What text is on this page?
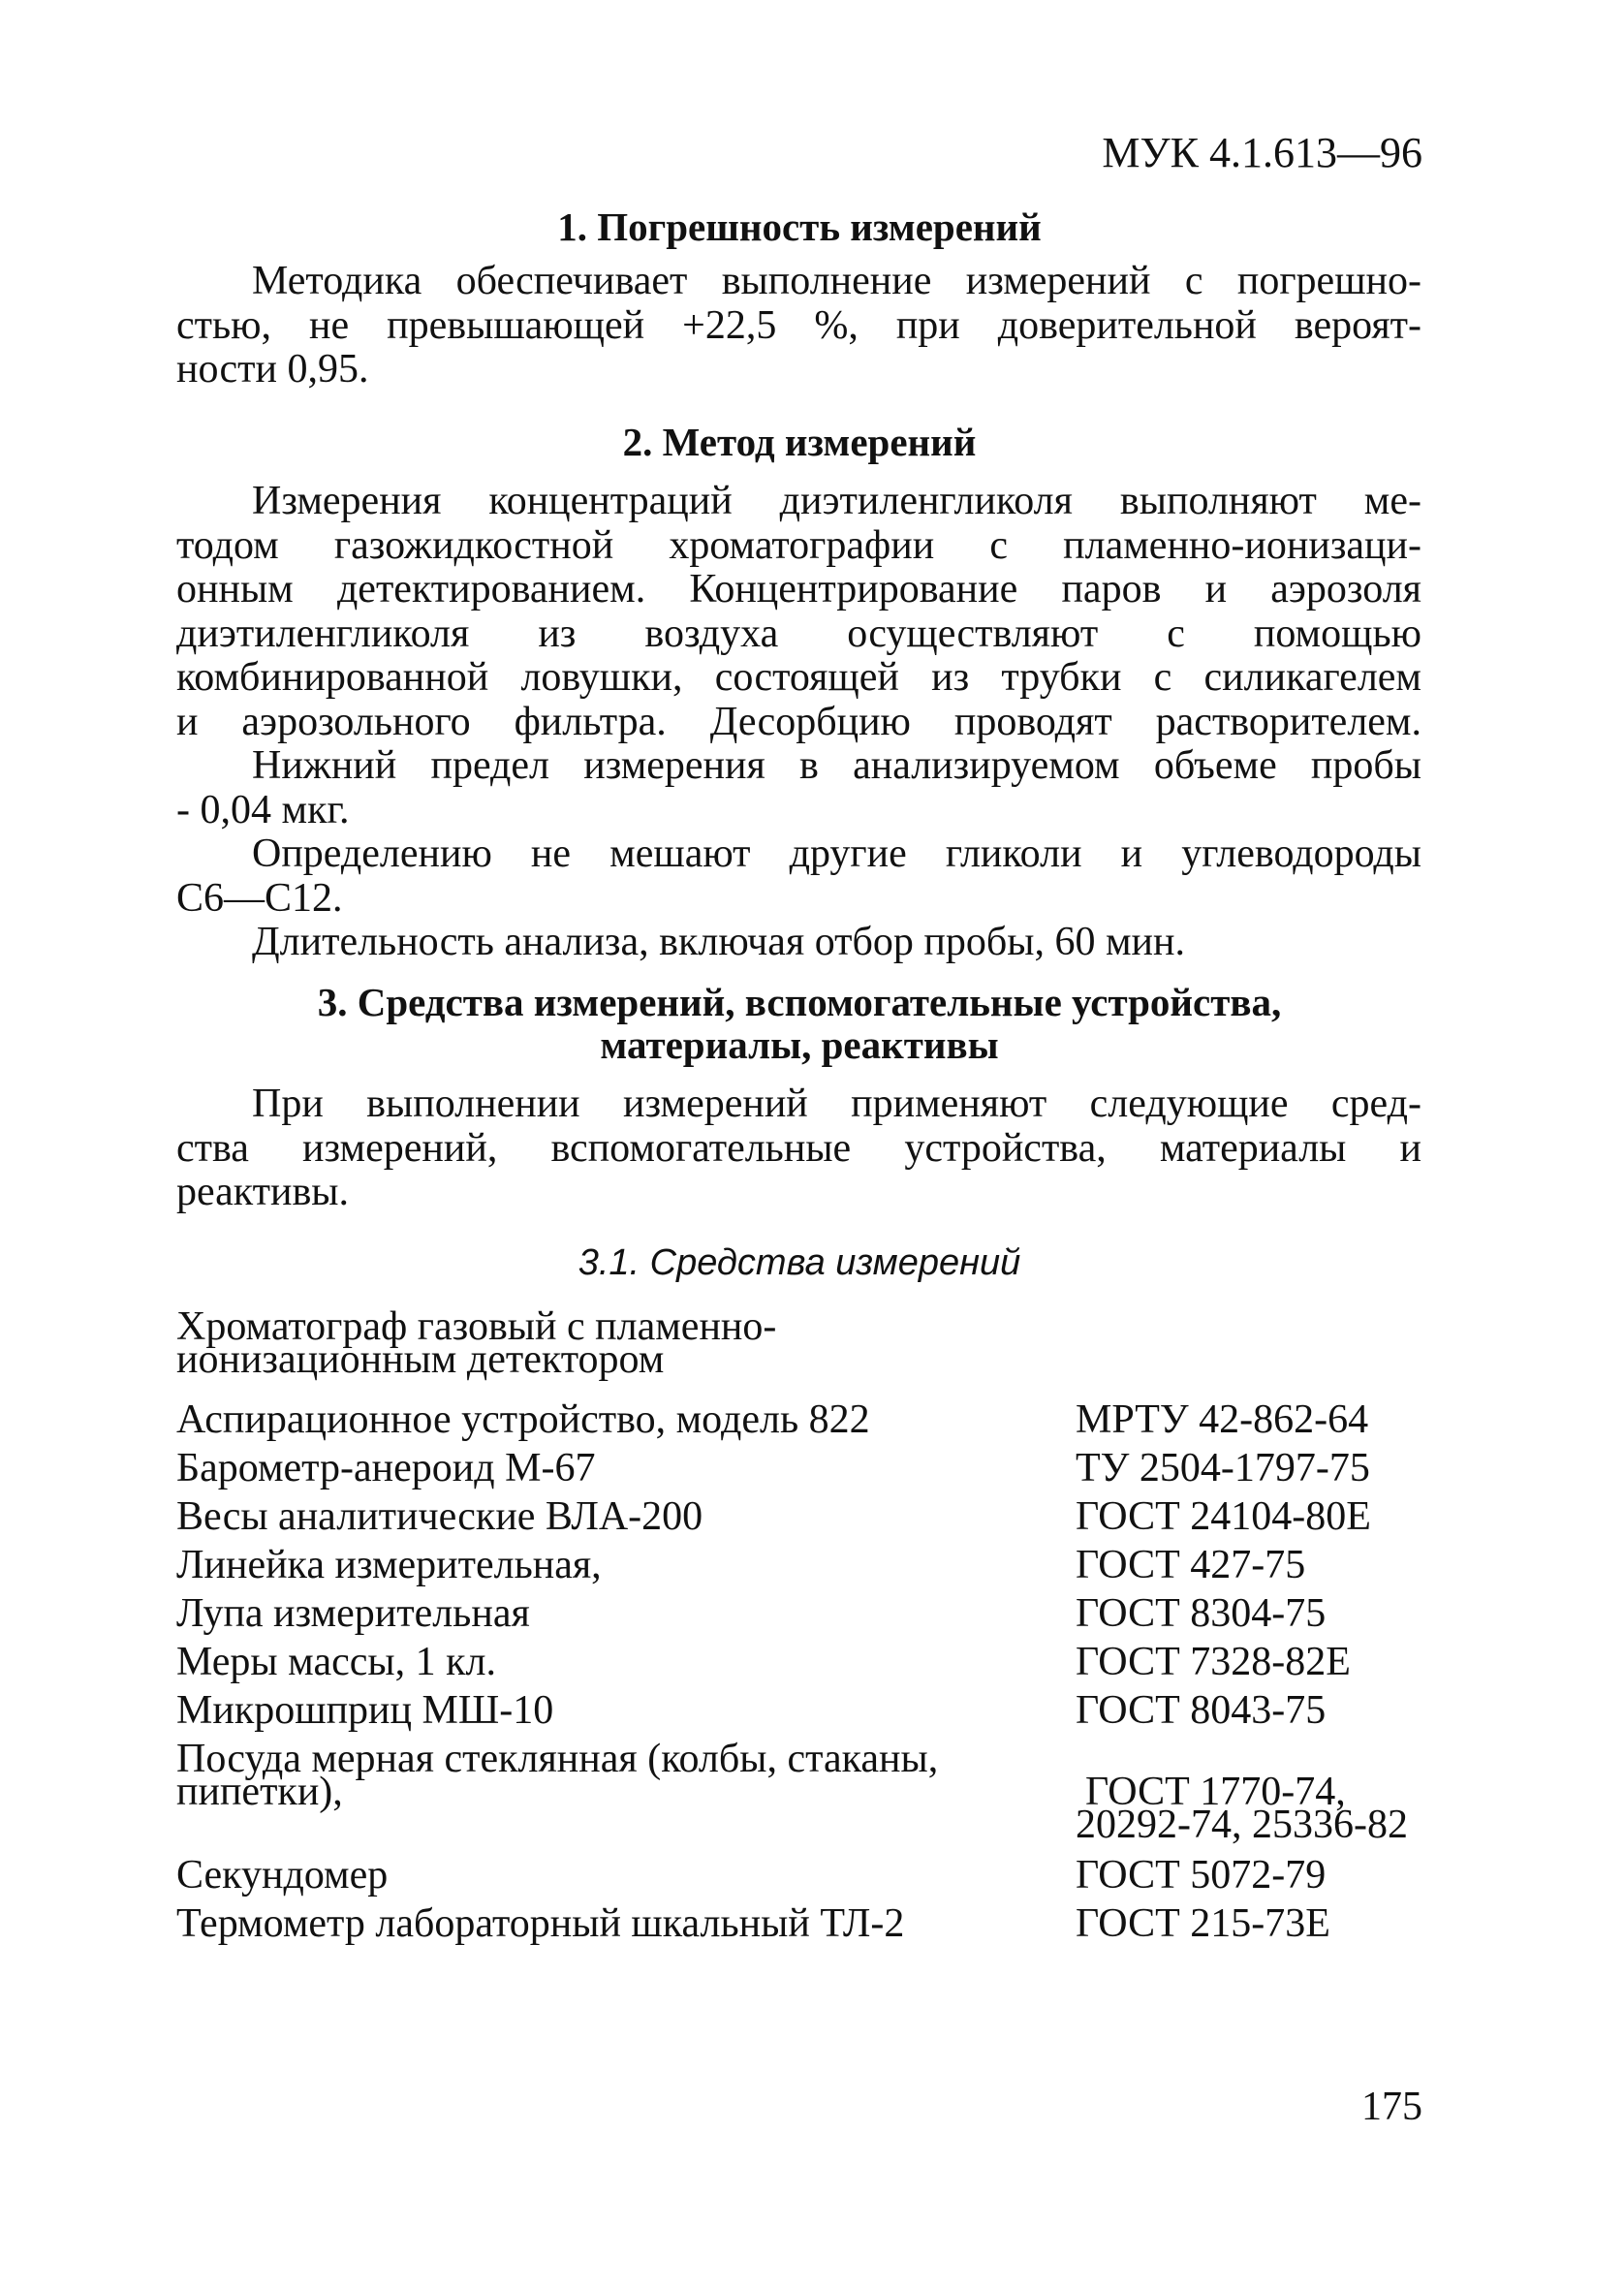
МУК 4.1.613—96
1. Погрешность измерений
Методика обеспечивает выполнение измерений с погрешно-
стью, не превышающей +22,5 %, при доверительной вероят-
ности 0,95.
2. Метод измерений
Измерения концентраций диэтиленгликоля выполняют ме-
тодом газожидкостной хроматографии с пламенно-ионизаци-
онным детектированием. Концентрирование паров и аэрозоля
диэтиленгликоля из воздуха осуществляют с помощью
комбинированной ловушки, состоящей из трубки с силикагелем
и аэрозольного фильтра. Десорбцию проводят растворителем.
Нижний предел измерения в анализируемом объеме пробы
- 0,04 мкг.
Определению не мешают другие гликоли и углеводороды
С6—С12.
Длительность анализа, включая отбор пробы, 60 мин.
3. Средства измерений, вспомогательные устройства,
материалы, реактивы
При выполнении измерений применяют следующие сред-
ства измерений, вспомогательные устройства, материалы и
реактивы.
3.1. Средства измерений
Хроматограф газовый с пламенно-
ионизационным детектором
Аспирационное устройство, модель 822	МРТУ 42-862-64
Барометр-анероид М-67	ТУ 2504-1797-75
Весы аналитические ВЛА-200	ГОСТ 24104-80Е
Линейка измерительная,	ГОСТ 427-75
Лупа измерительная	ГОСТ 8304-75
Меры массы, 1 кл.	ГОСТ 7328-82Е
Микрошприц МШ-10	ГОСТ 8043-75
Посуда мерная стеклянная (колбы, стаканы,
пипетки),	ГОСТ 1770-74,
20292-74, 25336-82
Секундомер	ГОСТ 5072-79
Термометр лабораторный шкальный ТЛ-2	ГОСТ 215-73Е
175
